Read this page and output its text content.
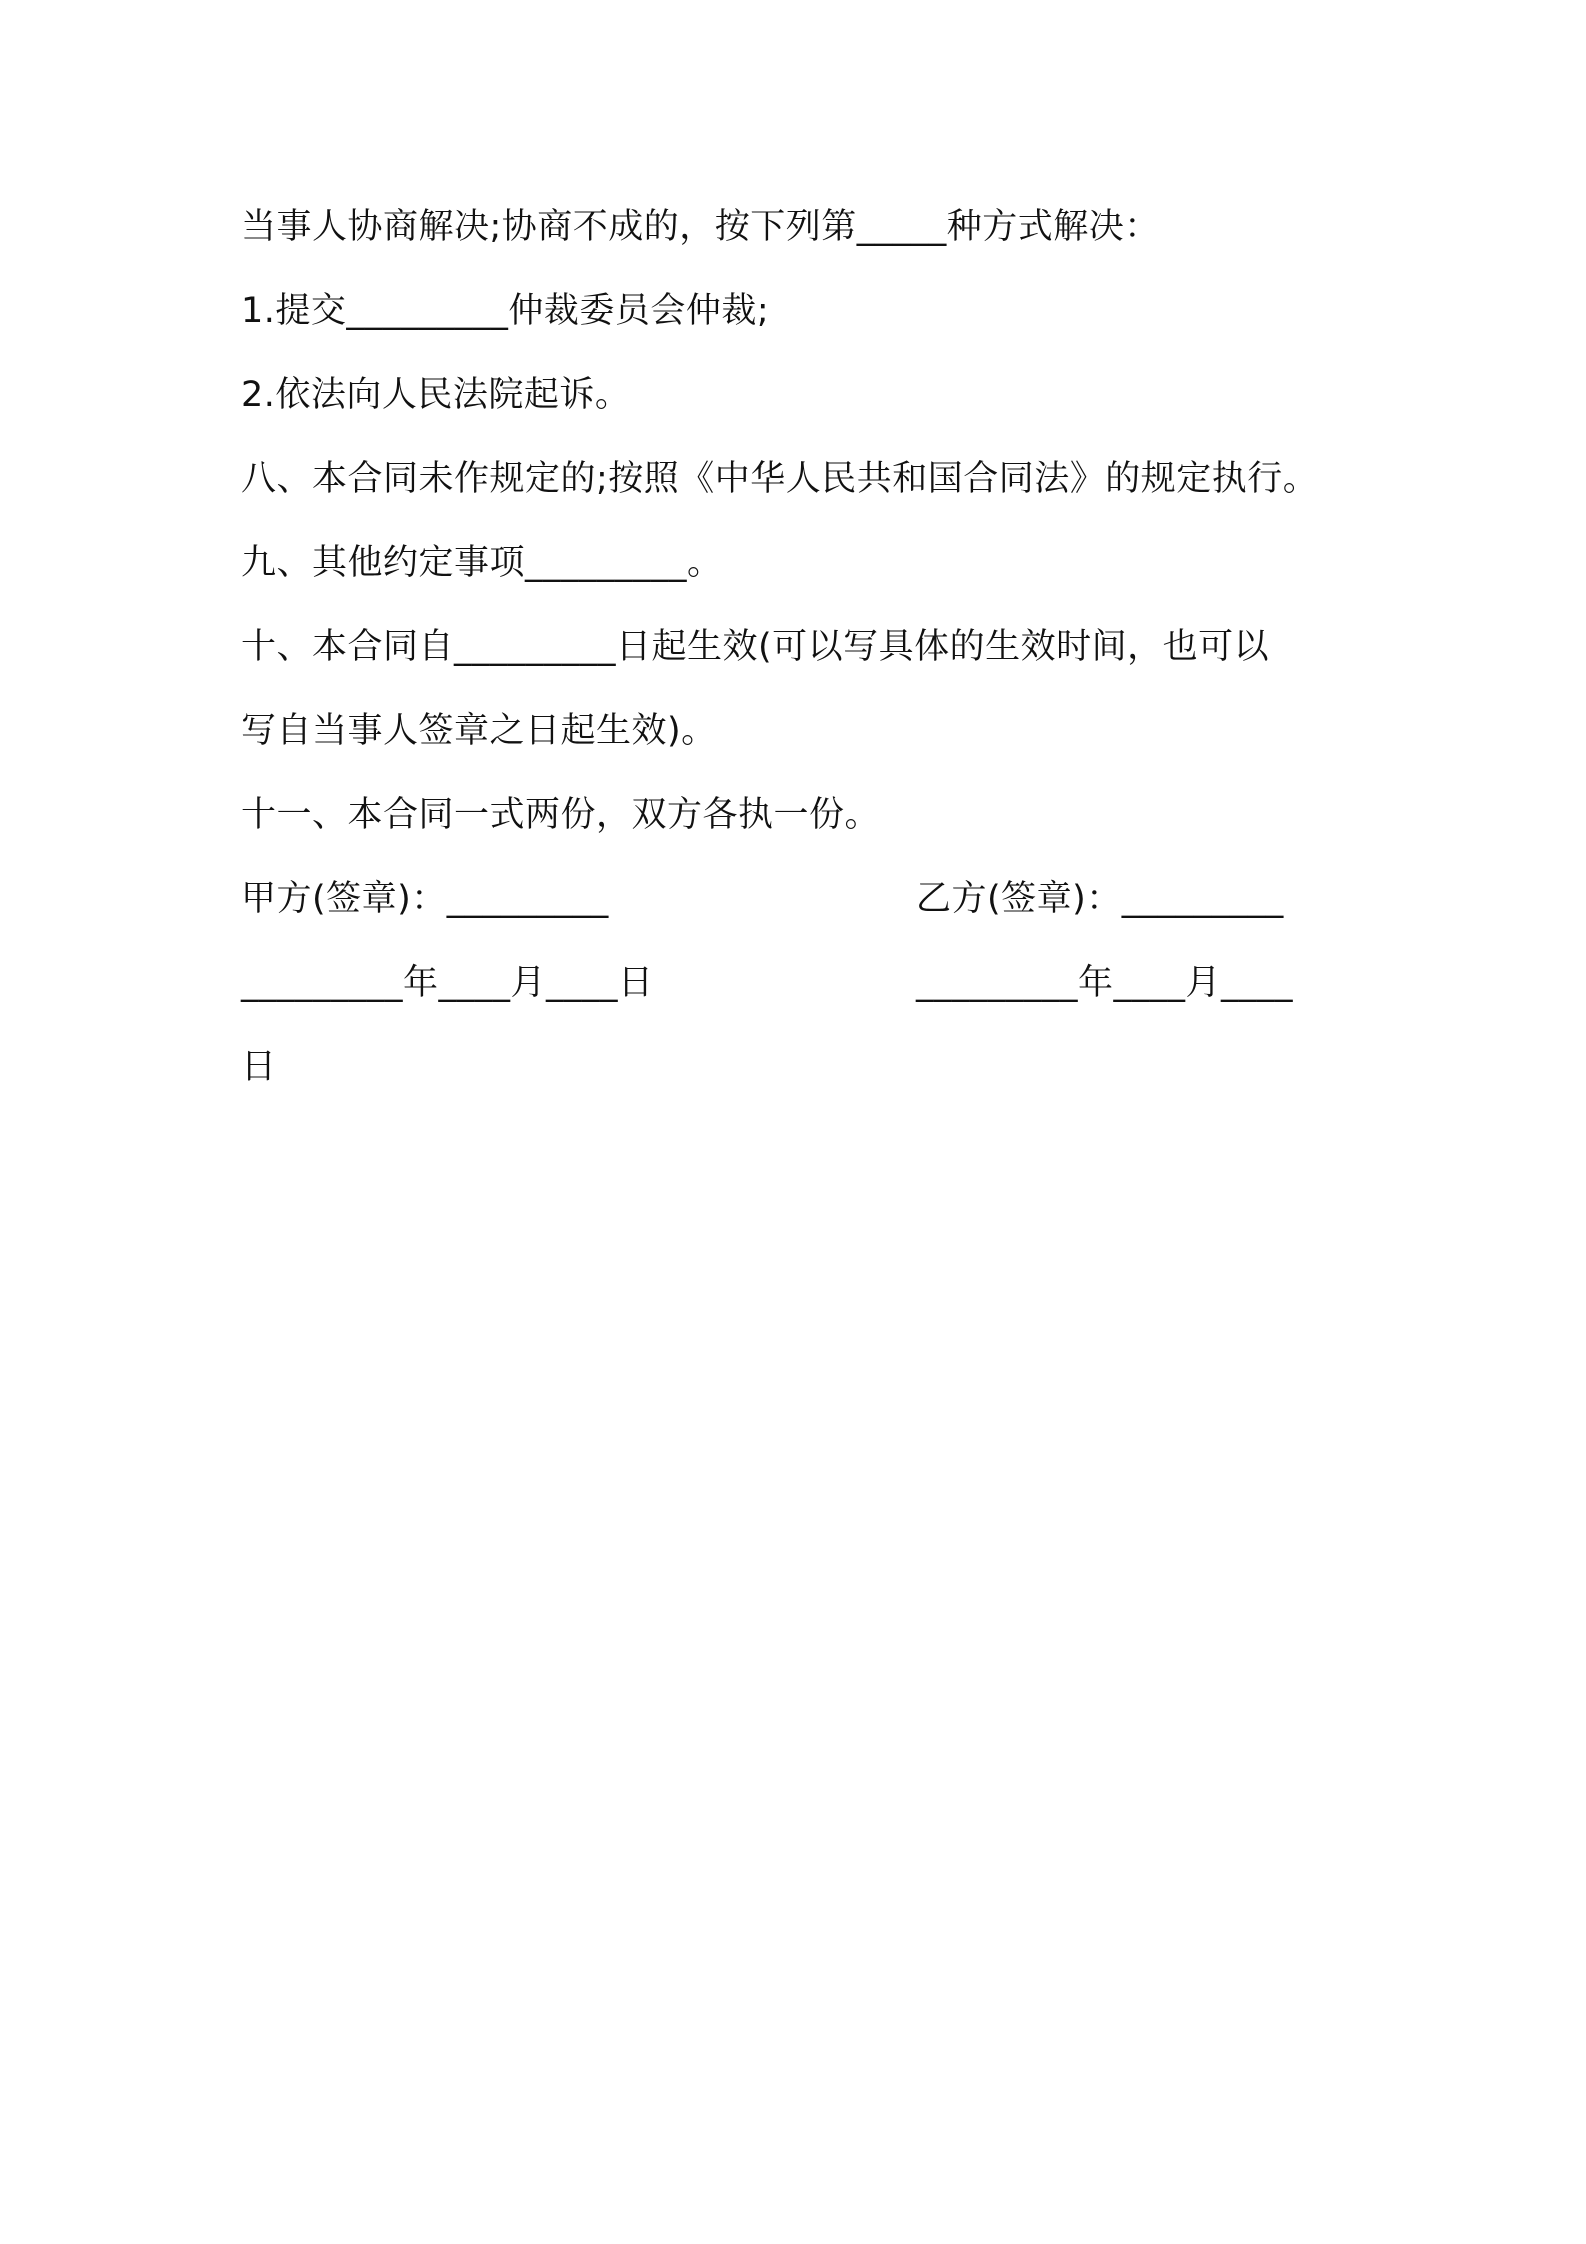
当事人协商解决;协商不成的，按下列第_____种方式解决：
1.提交_________仲裁委员会仲裁;
2.依法向人民法院起诉。
八、本合同未作规定的;按照《中华人民共和国合同法》的规定执行。
九、其他约定事项_________。
十、本合同自_________日起生效(可以写具体的生效时间，也可以
写自当事人签章之日起生效)。
十一、本合同一式两份，双方各执一份。
甲方(签章)：_________	乙方(签章)：_________
_________年____月____日	_________年____月____
日
